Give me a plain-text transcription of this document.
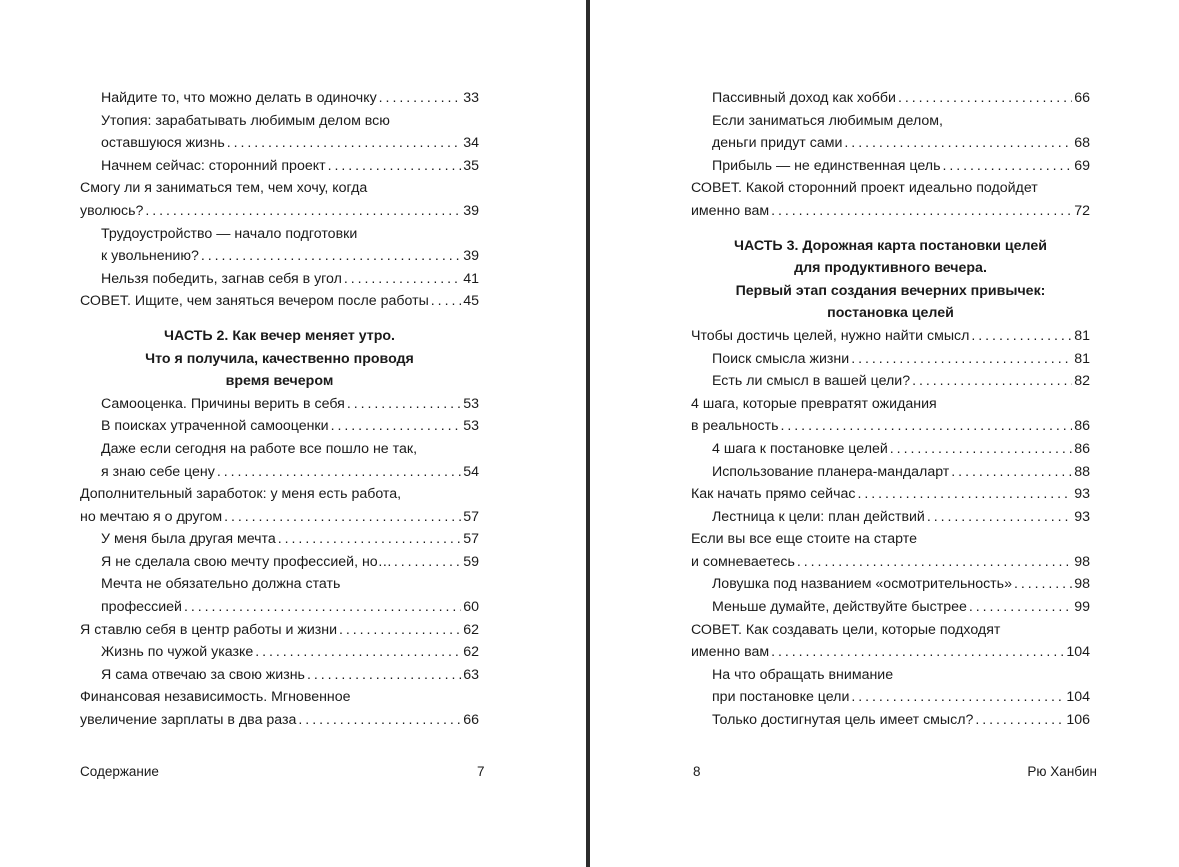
Найдите то, что можно делать в одиночку . . .	33
Утопия: зарабатывать любимым делом всю
оставшуюся жизнь . . .	34
Начнем сейчас: сторонний проект . . .	35
Смогу ли я заниматься тем, чем хочу, когда
уволюсь? . . .	39
Трудоустройство — начало подготовки
к увольнению? . . .	39
Нельзя победить, загнав себя в угол . . .	41
СОВЕТ. Ищите, чем заняться вечером после работы . . . 45
ЧАСТЬ 2. Как вечер меняет утро.
Что я получила, качественно проводя
время вечером
Самооценка. Причины верить в себя . . .	53
В поисках утраченной самооценки . . .	53
Даже если сегодня на работе все пошло не так,
я знаю себе цену . . .	54
Дополнительный заработок: у меня есть работа,
но мечтаю я о другом . . .	57
У меня была другая мечта . . .	57
Я не сделала свою мечту профессией, но… . . .	59
Мечта не обязательно должна стать
профессией . . .	60
Я ставлю себя в центр работы и жизни . . .	62
Жизнь по чужой указке . . .	62
Я сама отвечаю за свою жизнь . . .	63
Финансовая независимость. Мгновенное
увеличение зарплаты в два раза . . .	66
Содержание	7
Пассивный доход как хобби . . .	66
Если заниматься любимым делом,
деньги придут сами . . .	68
Прибыль — не единственная цель . . .	69
СОВЕТ. Какой сторонний проект идеально подойдет
именно вам . . .	72
ЧАСТЬ 3. Дорожная карта постановки целей
для продуктивного вечера.
Первый этап создания вечерних привычек:
постановка целей
Чтобы достичь целей, нужно найти смысл . . .	81
Поиск смысла жизни . . .	81
Есть ли смысл в вашей цели? . . .	82
4 шага, которые превратят ожидания
в реальность . . .	86
4 шага к постановке целей . . .	86
Использование планера-мандаларт . . .	88
Как начать прямо сейчас . . .	93
Лестница к цели: план действий . . .	93
Если вы все еще стоите на старте
и сомневаетесь . . .	98
Ловушка под названием «осмотрительность» . . .	98
Меньше думайте, действуйте быстрее . . .	99
СОВЕТ. Как создавать цели, которые подходят
именно вам . . .	104
На что обращать внимание
при постановке цели . . .	104
Только достигнутая цель имеет смысл? . . .	106
8	Рю Ханбин
